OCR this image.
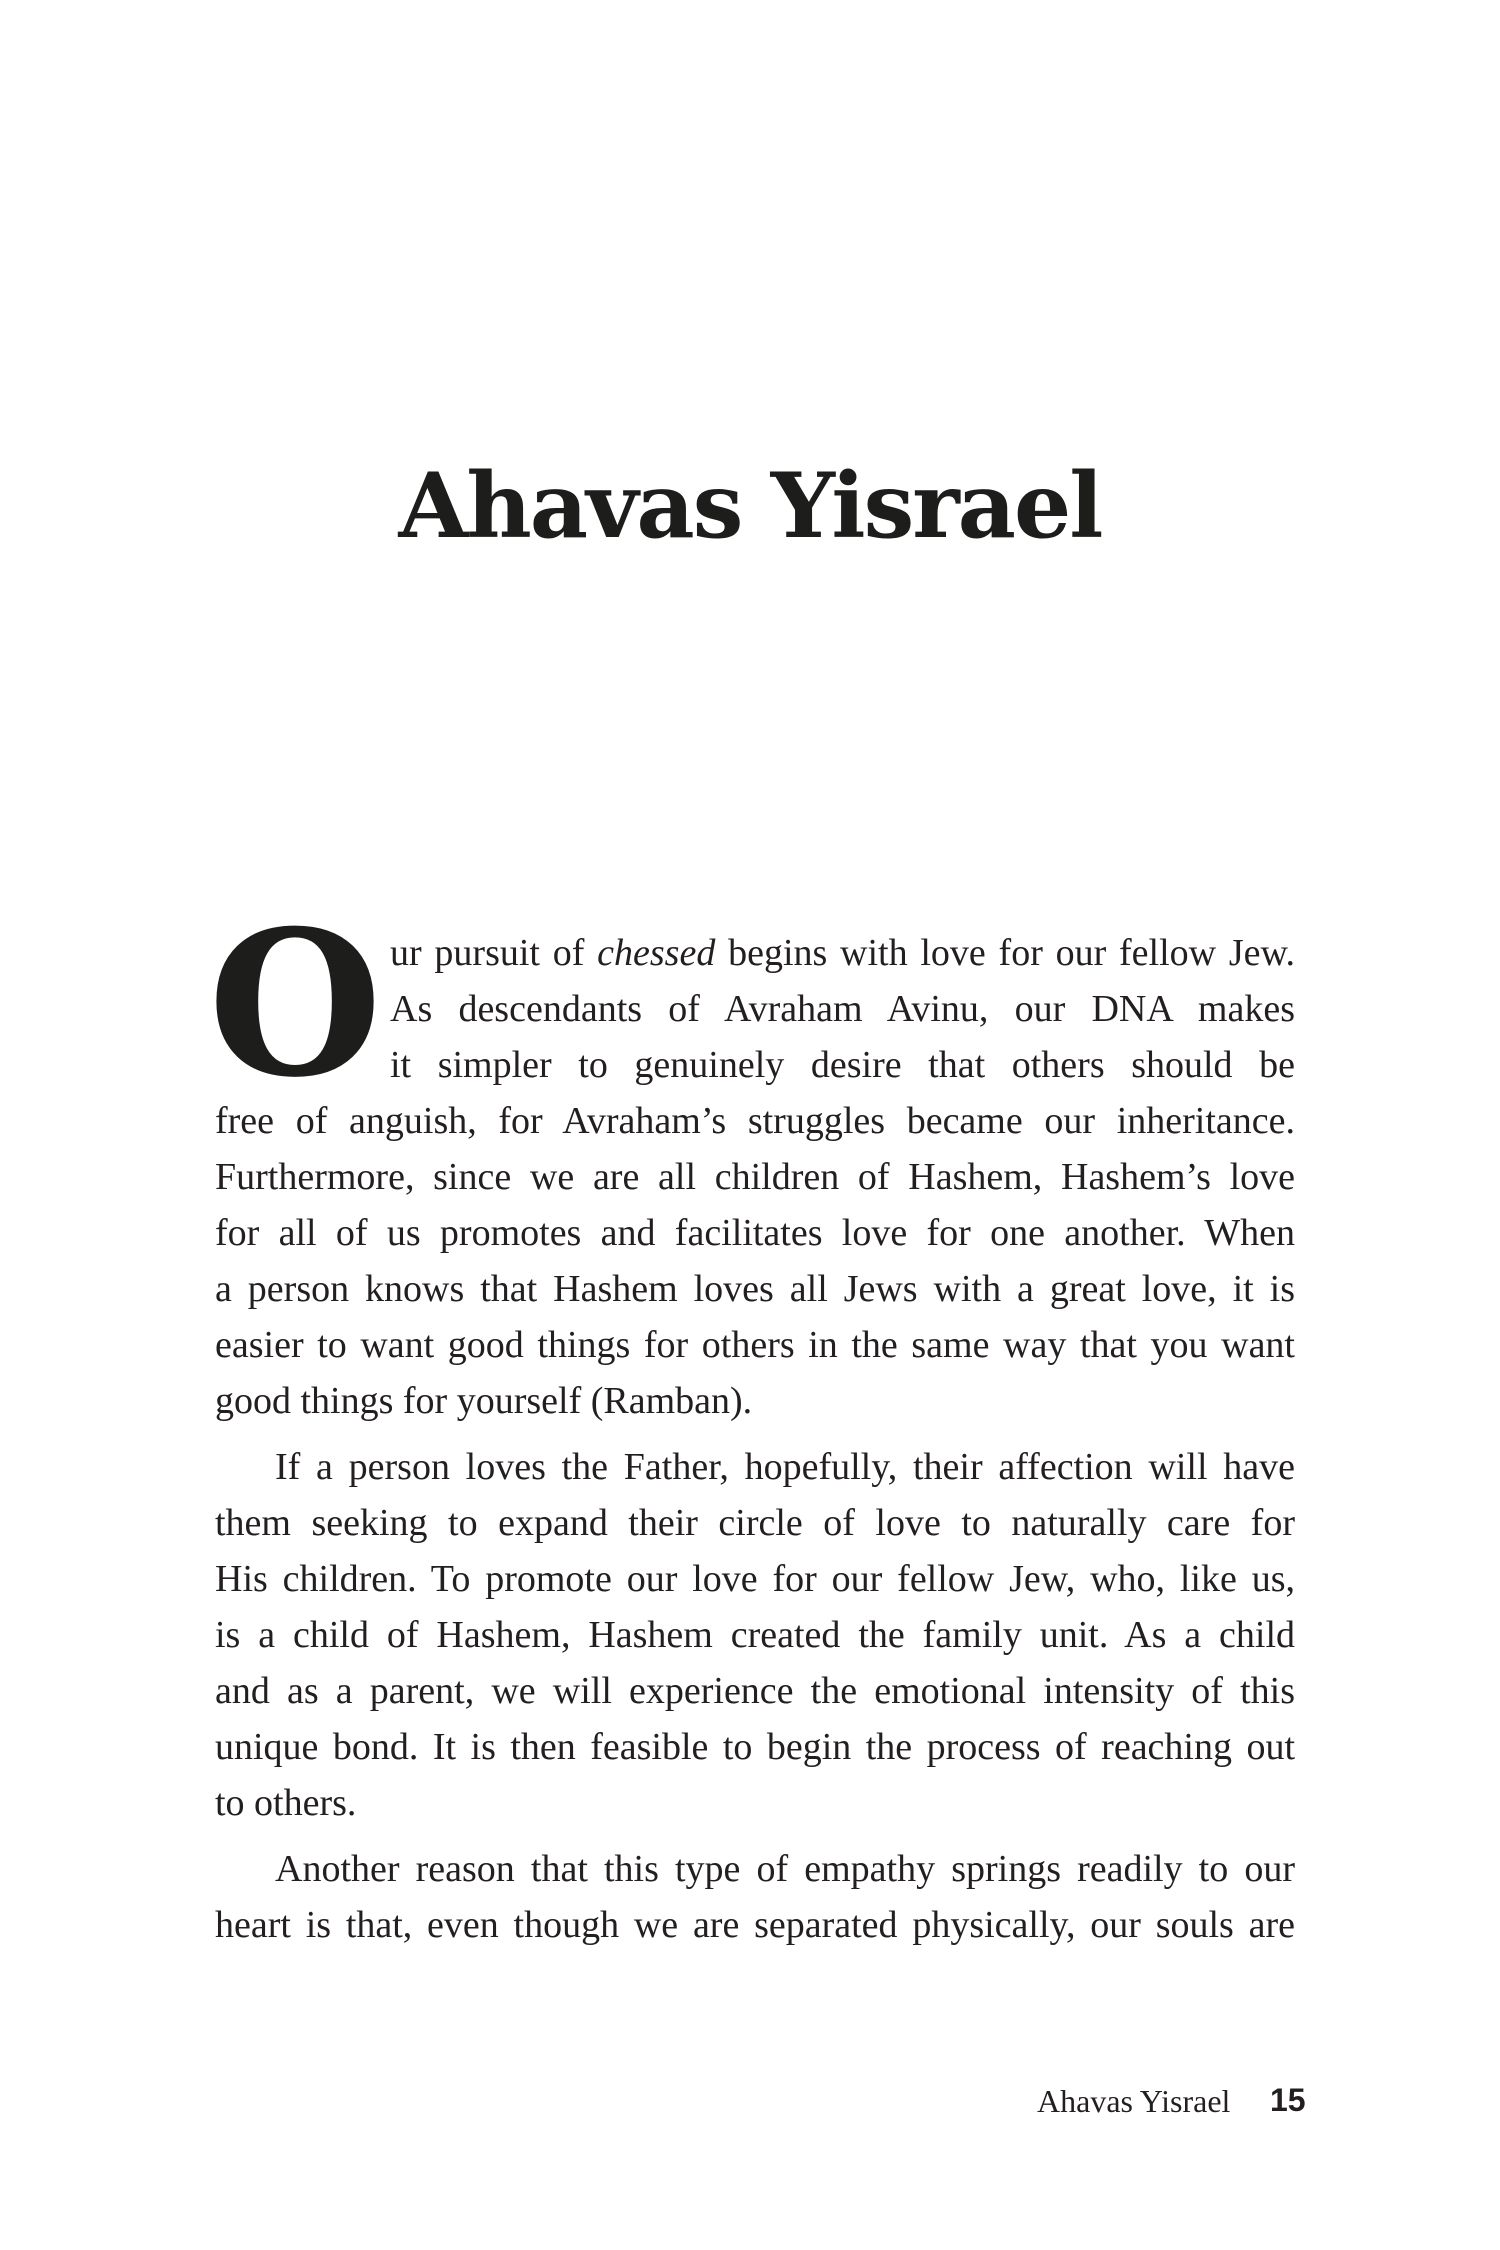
Ahavas Yisrael
O ur pursuit of chessed begins with love for our fellow Jew.
As descendants of Avraham Avinu, our DNA makes
it simpler to genuinely desire that others should be
free of anguish, for Avraham’s struggles became our inheritance.
Furthermore, since we are all children of Hashem, Hashem’s love
for all of us promotes and facilitates love for one another. When
a person knows that Hashem loves all Jews with a great love, it is
easier to want good things for others in the same way that you want
good things for yourself (Ramban).
If a person loves the Father, hopefully, their affection will have
them seeking to expand their circle of love to naturally care for
His children. To promote our love for our fellow Jew, who, like us,
is a child of Hashem, Hashem created the family unit. As a child
and as a parent, we will experience the emotional intensity of this
unique bond. It is then feasible to begin the process of reaching out
to others.
Another reason that this type of empathy springs readily to our
heart is that, even though we are separated physically, our souls are
Ahavas Yisrael 15
